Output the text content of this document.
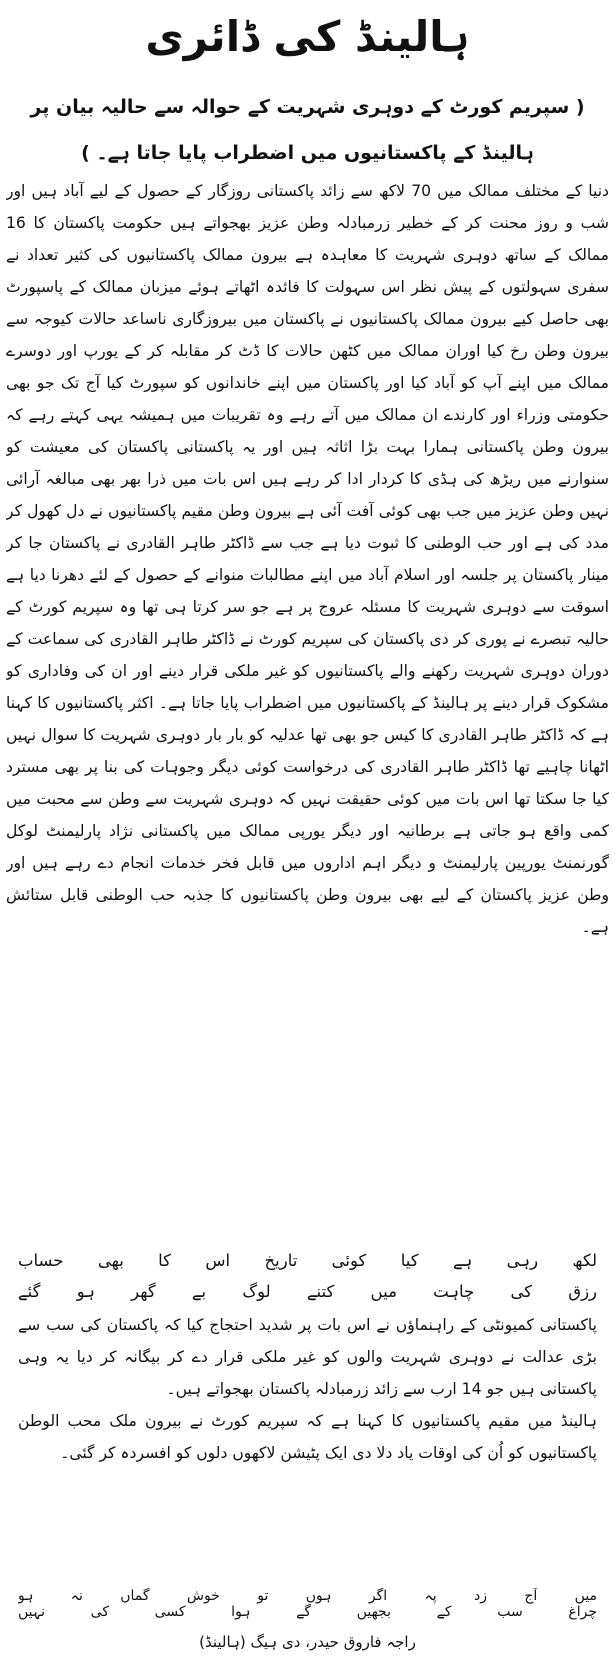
ہالینڈ کی ڈائری
( سپریم کورٹ کے دوہری شہریت کے حوالہ سے حالیہ بیان پر ہالینڈ کے پاکستانیوں میں اضطراب پایا جاتا ہے۔ )

دنیا کے مختلف ممالک میں 70 لاکھ سے زائد پاکستانی روزگار کے حصول کے لیے آباد ہیں اور شب و روز محنت کر کے خطیر زرمبادلہ وطن عزیز بھجواتے ہیں حکومت پاکستان کا 16 ممالک کے ساتھ دوہری شہریت کا معاہدہ ہے بیرون ممالک پاکستانیوں کی کثیر تعداد نے سفری سہولتوں کے پیش نظر اس سہولت کا فائدہ اٹھاتے ہوئے میزبان ممالک کے پاسپورٹ بھی حاصل کیے بیرون ممالک پاکستانیوں نے پاکستان میں بیروزگاری ناساعد حالات کیوجہ سے بیرون وطن رخ کیا اوران ممالک میں کٹھن حالات کا ڈٹ کر مقابلہ کر کے یورپ اور دوسرے ممالک میں اپنے آپ کو آباد کیا اور پاکستان میں اپنے خاندانوں کو سپورٹ کیا آج تک جو بھی حکومتی وزراء اور کارندے ان ممالک میں آتے رہے وہ تقریبات میں ہمیشہ یہی کہتے رہے کہ بیرون وطن پاکستانی ہمارا بہت بڑا اثاثہ ہیں اور یہ پاکستانی پاکستان کی معیشت کو سنوارنے میں ریڑھ کی ہڈی کا کردار ادا کر رہے ہیں اس بات میں ذرا بھر بھی مبالغہ آرائی نہیں وطن عزیز میں جب بھی کوئی آفت آئی ہے بیرون وطن مقیم پاکستانیوں نے دل کھول کر مدد کی ہے اور حب الوطنی کا ثبوت دیا ہے جب سے ڈاکٹر طاہر القادری نے پاکستان جا کر مینار پاکستان پر جلسہ اور اسلام آباد میں اپنے مطالبات منوانے کے حصول کے لئے دھرنا دیا ہے اسوقت سے دوہری شہریت کا مسئلہ عروج پر ہے جو سر کرتا ہی تھا وہ سپریم کورٹ کے حالیہ تبصرے نے پوری کر دی پاکستان کی سپریم کورٹ نے ڈاکٹر طاہر القادری کی سماعت کے دوران دوہری شہریت رکھنے والے پاکستانیوں کو غیر ملکی قرار دینے اور ان کی وفاداری کو مشکوک قرار دینے پر ہالینڈ کے پاکستانیوں میں اضطراب پایا جاتا ہے۔ اکثر پاکستانیوں کا کہنا ہے کہ ڈاکٹر طاہر القادری کا کیس جو بھی تھا عدلیہ کو بار بار دوہری شہریت کا سوال نہیں اٹھانا چاہیے تھا ڈاکٹر طاہر القادری کی درخواست کوئی دیگر وجوہات کی بنا پر بھی مسترد کیا جا سکتا تھا اس بات میں کوئی حقیقت نہیں کہ دوہری شہریت سے وطن سے محبت میں کمی واقع ہو جاتی ہے برطانیہ اور دیگر یورپی ممالک میں پاکستانی نژاد پارلیمنٹ لوکل گورنمنٹ یورپین پارلیمنٹ و دیگر اہم اداروں میں قابل فخر خدمات انجام دے رہے ہیں اور وطن عزیز پاکستان کے لیے بھی بیرون وطن پاکستانیوں کا جذبہ حب الوطنی قابل ستائش ہے۔

لکھ رہی ہے کیا کوئی تاریخ اس کا بھی حساب
رزق کی چاہت میں کتنے لوگ بے گھر ہو گئے

پاکستانی کمیونٹی کے راہنماؤں نے اس بات پر شدید احتجاج کیا کہ پاکستان کی سب سے بڑی عدالت نے دوہری شہریت والوں کو غیر ملکی قرار دے کر بیگانہ کر دیا یہ وہی پاکستانی ہیں جو 14 ارب سے زائد زرمبادلہ پاکستان بھجواتے ہیں۔

ہالینڈ میں مقیم پاکستانیوں کا کہنا ہے کہ سپریم کورٹ نے بیرون ملک محب الوطن پاکستانیوں کو اُن کی اوقات یاد دلا دی ایک پٹیشن لاکھوں دلوں کو افسردہ کر گئی۔

میں آج زد پہ اگر ہوں تو خوش گماں نہ ہو
چراغ سب کے بجھیں گے ہوا کسی کی نہیں
راجہ فاروق حیدر، دی ہیگ (ہالینڈ)
